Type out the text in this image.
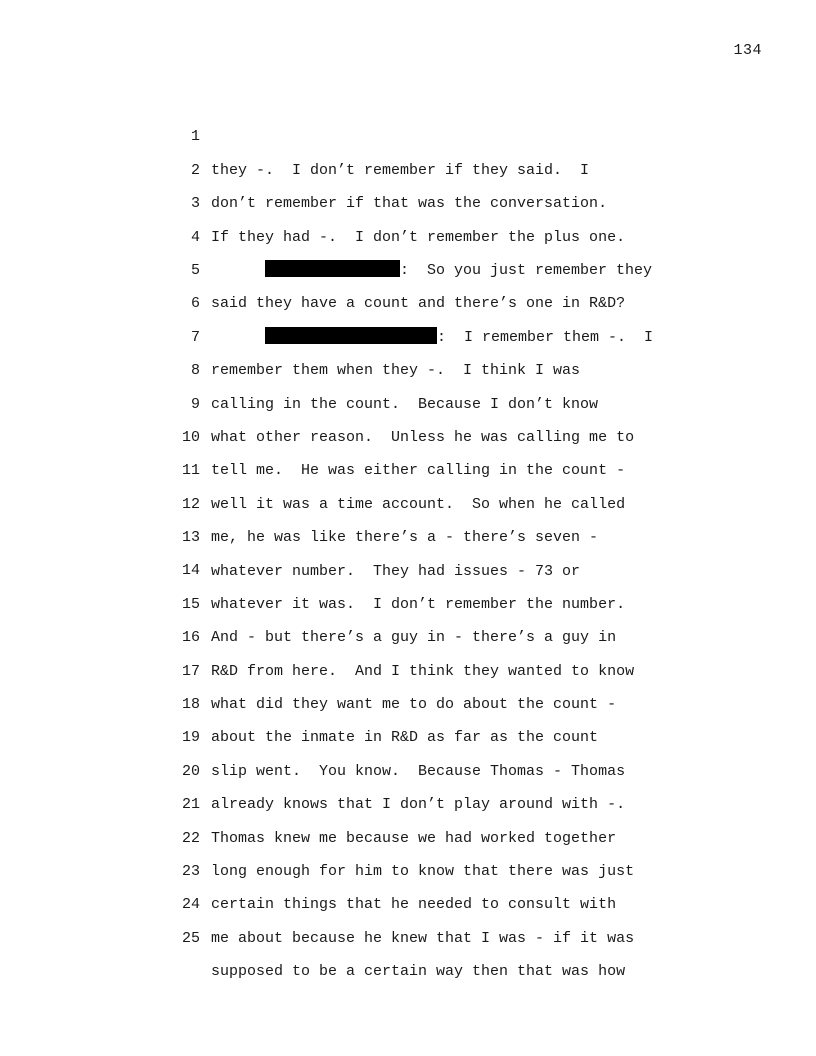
134

1

they -.  I don’t remember if they said.  I

2

don’t remember if that was the conversation.

3

If they had -.  I don’t remember the plus one.

4

:  So you just remember they

5

said they have a count and there’s one in R&D?

6

:  I remember them -.  I

7

remember them when they -.  I think I was

8

calling in the count.  Because I don’t know

9

what other reason.  Unless he was calling me to

10

tell me.  He was either calling in the count -

11

well it was a time account.  So when he called

12

me, he was like there’s a - there’s seven -

13

whatever number.  They had issues - 73 or

14

whatever it was.  I don’t remember the number.

15

And - but there’s a guy in - there’s a guy in

16

R&D from here.  And I think they wanted to know

17

what did they want me to do about the count -

18

about the inmate in R&D as far as the count

19

slip went.  You know.  Because Thomas - Thomas

20

already knows that I don’t play around with -.

21

Thomas knew me because we had worked together

22

long enough for him to know that there was just

23

certain things that he needed to consult with

24

me about because he knew that I was - if it was

25

supposed to be a certain way then that was how
